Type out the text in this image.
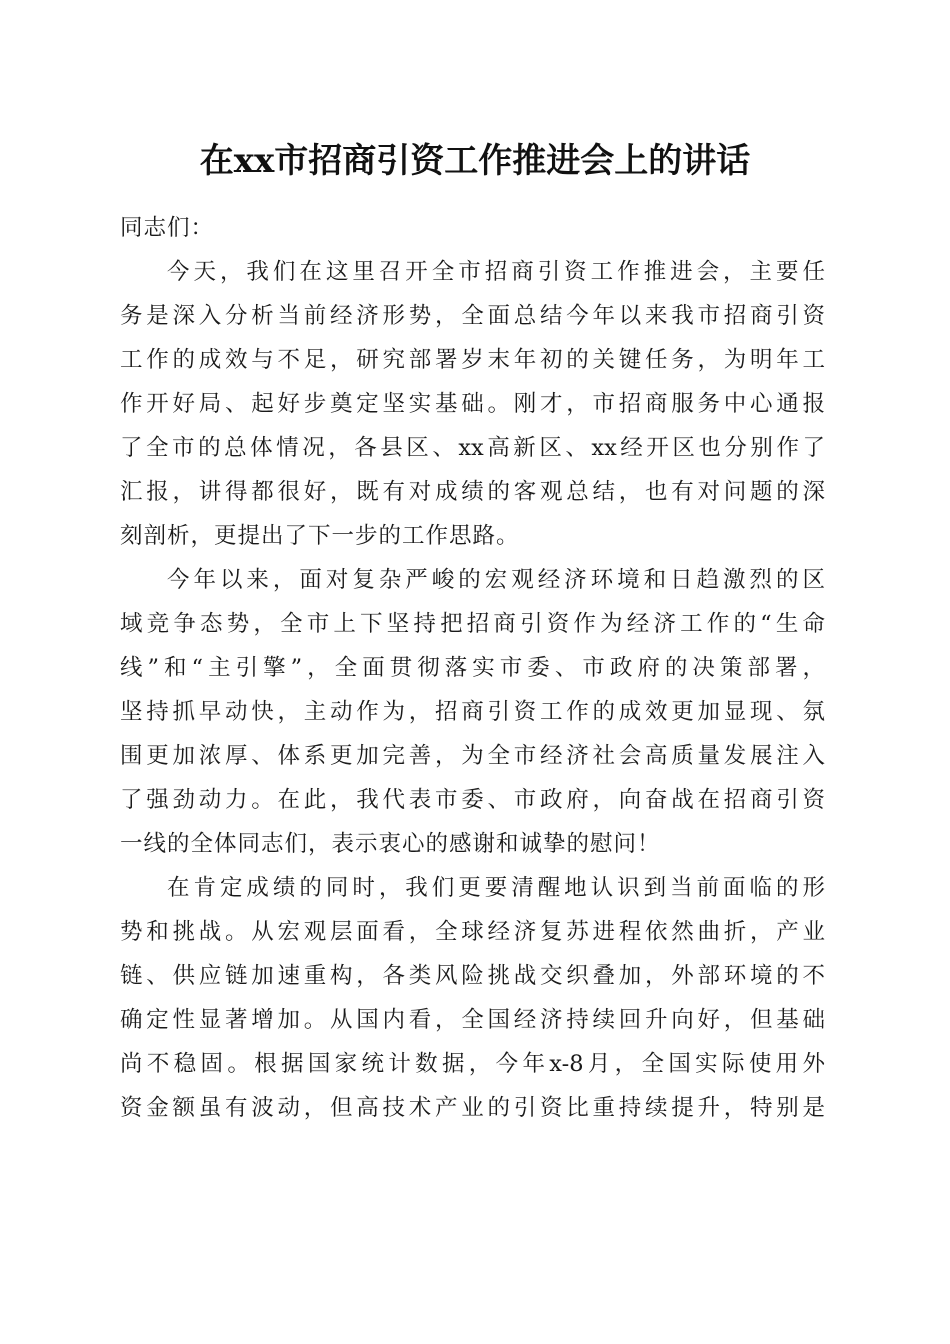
在xx市招商引资工作推进会上的讲话

同志们：

今天，我们在这里召开全市招商引资工作推进会，主要任
务是深入分析当前经济形势，全面总结今年以来我市招商引资
工作的成效与不足，研究部署岁末年初的关键任务，为明年工
作开好局、起好步奠定坚实基础。刚才，市招商服务中心通报
了全市的总体情况，各县区、xx高新区、xx经开区也分别作了
汇报，讲得都很好，既有对成绩的客观总结，也有对问题的深
刻剖析，更提出了下一步的工作思路。

今年以来，面对复杂严峻的宏观经济环境和日趋激烈的区
域竞争态势，全市上下坚持把招商引资作为经济工作的“生命
线”和“主引擎”，全面贯彻落实市委、市政府的决策部署，
坚持抓早动快，主动作为，招商引资工作的成效更加显现、氛
围更加浓厚、体系更加完善，为全市经济社会高质量发展注入
了强劲动力。在此，我代表市委、市政府，向奋战在招商引资
一线的全体同志们，表示衷心的感谢和诚挚的慰问！

在肯定成绩的同时，我们更要清醒地认识到当前面临的形
势和挑战。从宏观层面看，全球经济复苏进程依然曲折，产业
链、供应链加速重构，各类风险挑战交织叠加，外部环境的不
确定性显著增加。从国内看，全国经济持续回升向好，但基础
尚不稳固。根据国家统计数据，今年x-8月，全国实际使用外
资金额虽有波动，但高技术产业的引资比重持续提升，特别是
